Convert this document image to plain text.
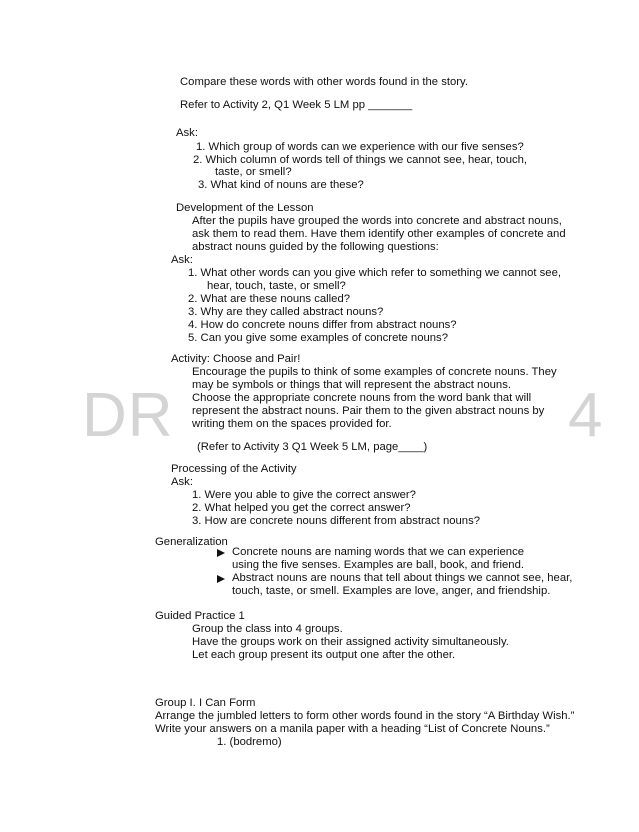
DR	4
Compare these words with other words found in the story.
Refer to Activity 2, Q1 Week 5 LM pp _______
Ask:
1. Which group of words can we experience with our five senses?
2. Which column of words tell of things we cannot see, hear, touch,
taste, or smell?
3. What kind of nouns are these?
Development of the Lesson
After the pupils have grouped the words into concrete and abstract nouns,
ask them to read them. Have them identify other examples of concrete and
abstract nouns guided by the following questions:
Ask:
1. What other words can you give which refer to something we cannot see,
hear, touch, taste, or smell?
2. What are these nouns called?
3. Why are they called abstract nouns?
4. How do concrete nouns differ from abstract nouns?
5. Can you give some examples of concrete nouns?
Activity: Choose and Pair!
Encourage the pupils to think of some examples of concrete nouns. They
may be symbols or things that will represent the abstract nouns.
Choose the appropriate concrete nouns from the word bank that will
represent the abstract nouns. Pair them to the given abstract nouns by
writing them on the spaces provided for.
(Refer to Activity 3 Q1 Week 5 LM, page____)
Processing of the Activity
Ask:
1. Were you able to give the correct answer?
2. What helped you get the correct answer?
3. How are concrete nouns different from abstract nouns?
Generalization
Concrete nouns are naming words that we can experience
using the five senses. Examples are ball, book, and friend.
Abstract nouns are nouns that tell about things we cannot see, hear,
touch, taste, or smell. Examples are love, anger, and friendship.
Guided Practice 1
Group the class into 4 groups.
Have the groups work on their assigned activity simultaneously.
Let each group present its output one after the other.
Group I. I Can Form
Arrange the jumbled letters to form other words found in the story “A Birthday Wish.”
Write your answers on a manila paper with a heading “List of Concrete Nouns.”
1. (bodremo)
